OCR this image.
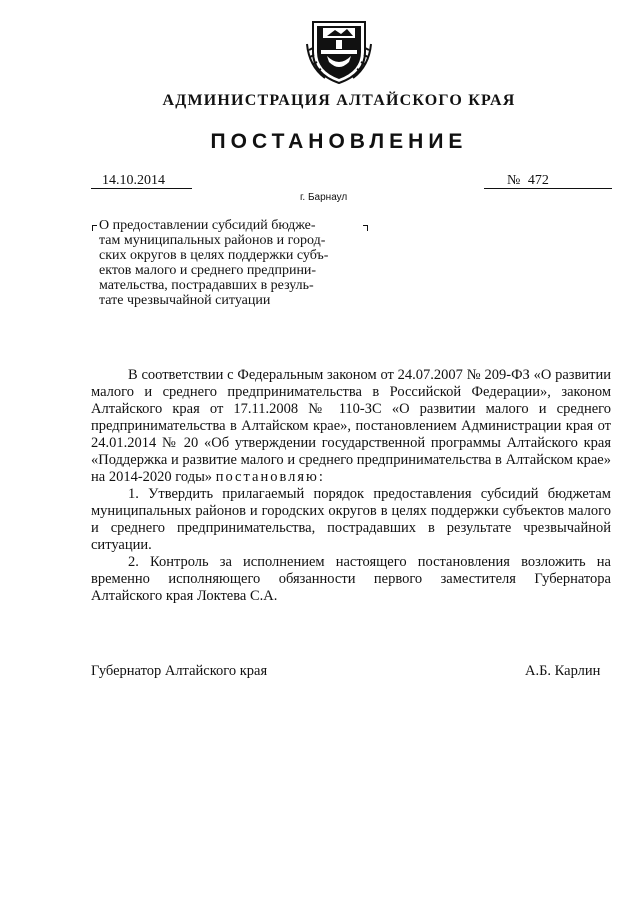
АДМИНИСТРАЦИЯ АЛТАЙСКОГО КРАЯ
ПОСТАНОВЛЕНИЕ
14.10.2014	№ 472
г. Барнаул
О предоставлении субсидий бюдже-
там муниципальных районов и город-
ских округов в целях поддержки субъ-
ектов малого и среднего предприни-
мательства, пострадавших в резуль-
тате чрезвычайной ситуации

В соответствии с Федеральным законом от 24.07.2007 № 209-ФЗ «О развитии малого и среднего предпринимательства в Российской Федерации», законом Алтайского края от 17.11.2008 № 110-ЗС «О развитии малого и среднего предпринимательства в Алтайском крае», постановлением Администрации края от 24.01.2014 № 20 «Об утверждении государственной программы Алтайского края «Поддержка и развитие малого и среднего предпринимательства в Алтайском крае» на 2014-2020 годы» постановляю:

1. Утвердить прилагаемый порядок предоставления субсидий бюджетам муниципальных районов и городских округов в целях поддержки субъектов малого и среднего предпринимательства, пострадавших в результате чрезвычайной ситуации.

2. Контроль за исполнением настоящего постановления возложить на временно исполняющего обязанности первого заместителя Губернатора Алтайского края Локтева С.А.

Губернатор Алтайского края	А.Б. Карлин
